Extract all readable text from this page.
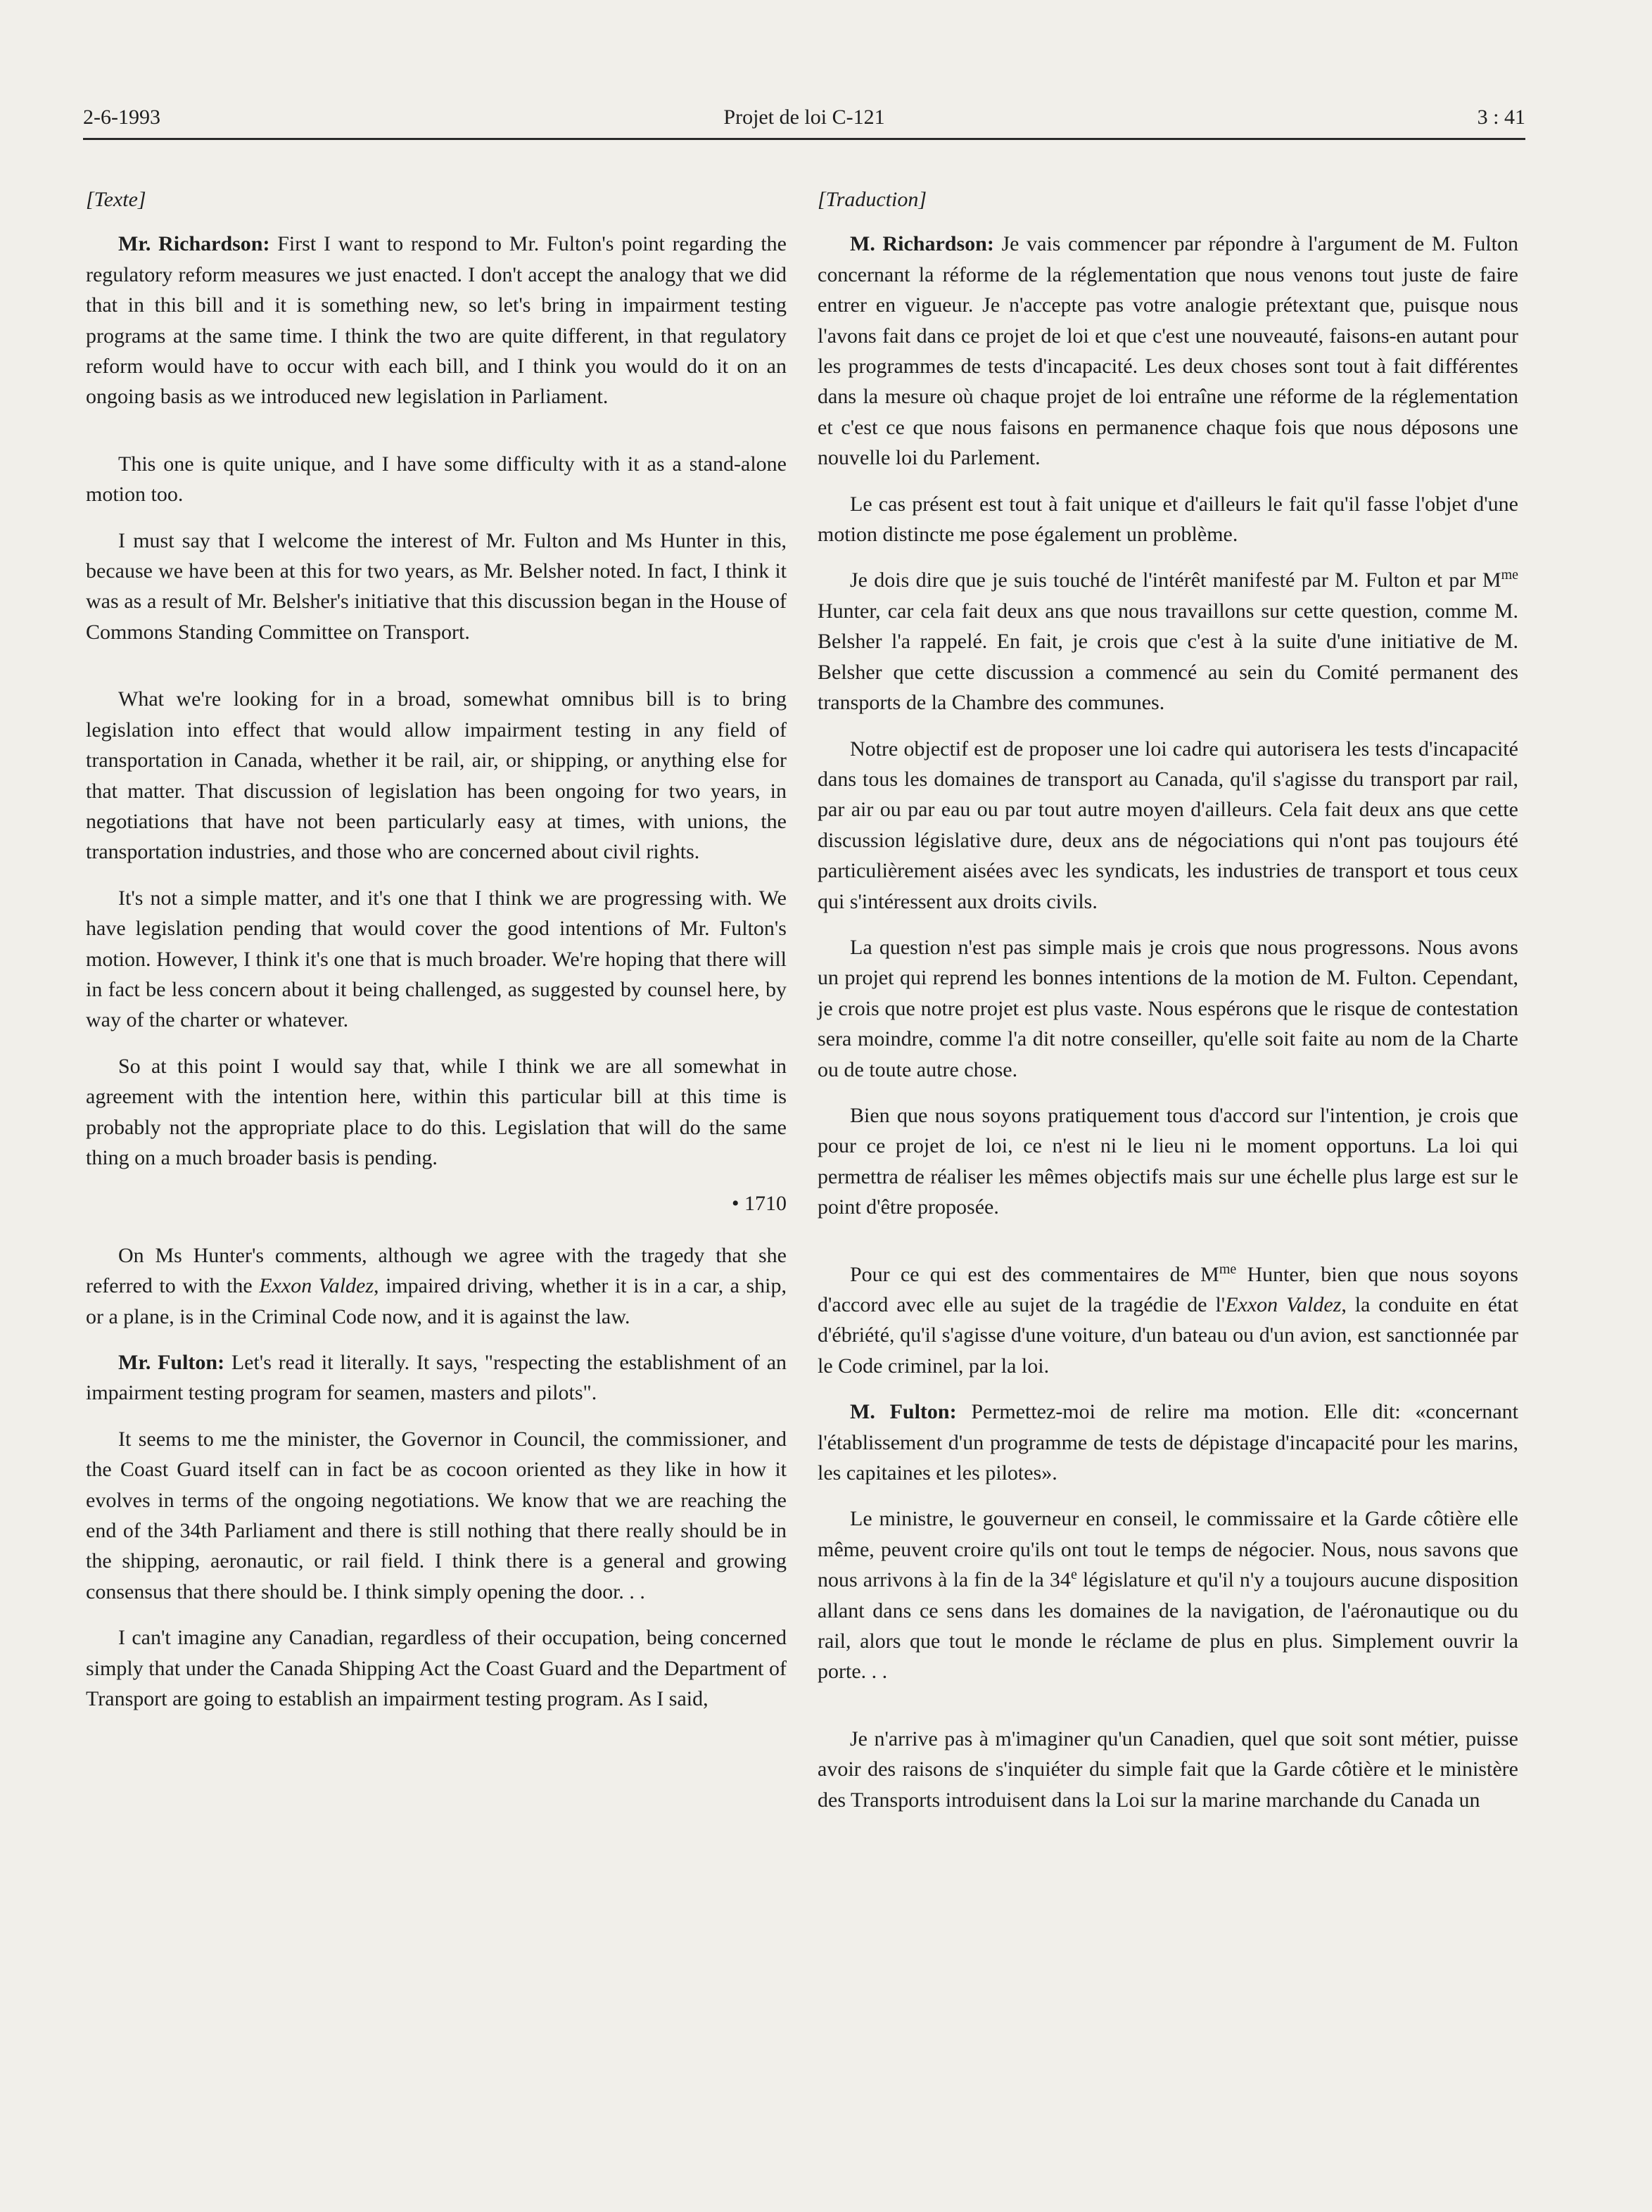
2-6-1993	Projet de loi C-121	3 : 41

[Texte]

Mr. Richardson: First I want to respond to Mr. Fulton's point regarding the regulatory reform measures we just enacted. I don't accept the analogy that we did that in this bill and it is something new, so let's bring in impairment testing programs at the same time. I think the two are quite different, in that regulatory reform would have to occur with each bill, and I think you would do it on an ongoing basis as we introduced new legislation in Parliament.

This one is quite unique, and I have some difficulty with it as a stand-alone motion too.

I must say that I welcome the interest of Mr. Fulton and Ms Hunter in this, because we have been at this for two years, as Mr. Belsher noted. In fact, I think it was as a result of Mr. Belsher's initiative that this discussion began in the House of Commons Standing Committee on Transport.

What we're looking for in a broad, somewhat omnibus bill is to bring legislation into effect that would allow impairment testing in any field of transportation in Canada, whether it be rail, air, or shipping, or anything else for that matter. That discussion of legislation has been ongoing for two years, in negotiations that have not been particularly easy at times, with unions, the transportation industries, and those who are concerned about civil rights.

It's not a simple matter, and it's one that I think we are progressing with. We have legislation pending that would cover the good intentions of Mr. Fulton's motion. However, I think it's one that is much broader. We're hoping that there will in fact be less concern about it being challenged, as suggested by counsel here, by way of the charter or whatever.

So at this point I would say that, while I think we are all somewhat in agreement with the intention here, within this particular bill at this time is probably not the appropriate place to do this. Legislation that will do the same thing on a much broader basis is pending.

• 1710

On Ms Hunter's comments, although we agree with the tragedy that she referred to with the Exxon Valdez, impaired driving, whether it is in a car, a ship, or a plane, is in the Criminal Code now, and it is against the law.

Mr. Fulton: Let's read it literally. It says, "respecting the establishment of an impairment testing program for seamen, masters and pilots".

It seems to me the minister, the Governor in Council, the commissioner, and the Coast Guard itself can in fact be as cocoon oriented as they like in how it evolves in terms of the ongoing negotiations. We know that we are reaching the end of the 34th Parliament and there is still nothing that there really should be in the shipping, aeronautic, or rail field. I think there is a general and growing consensus that there should be. I think simply opening the door. . .

I can't imagine any Canadian, regardless of their occupation, being concerned simply that under the Canada Shipping Act the Coast Guard and the Department of Transport are going to establish an impairment testing program. As I said,

[Traduction]

M. Richardson: Je vais commencer par répondre à l'argument de M. Fulton concernant la réforme de la réglementation que nous venons tout juste de faire entrer en vigueur. Je n'accepte pas votre analogie prétextant que, puisque nous l'avons fait dans ce projet de loi et que c'est une nouveauté, faisons-en autant pour les programmes de tests d'incapacité. Les deux choses sont tout à fait différentes dans la mesure où chaque projet de loi entraîne une réforme de la réglementation et c'est ce que nous faisons en permanence chaque fois que nous déposons une nouvelle loi du Parlement.

Le cas présent est tout à fait unique et d'ailleurs le fait qu'il fasse l'objet d'une motion distincte me pose également un problème.

Je dois dire que je suis touché de l'intérêt manifesté par M. Fulton et par $M^{me}$ Hunter, car cela fait deux ans que nous travaillons sur cette question, comme M. Belsher l'a rappelé. En fait, je crois que c'est à la suite d'une initiative de M. Belsher que cette discussion a commencé au sein du Comité permanent des transports de la Chambre des communes.

Notre objectif est de proposer une loi cadre qui autorisera les tests d'incapacité dans tous les domaines de transport au Canada, qu'il s'agisse du transport par rail, par air ou par eau ou par tout autre moyen d'ailleurs. Cela fait deux ans que cette discussion législative dure, deux ans de négociations qui n'ont pas toujours été particulièrement aisées avec les syndicats, les industries de transport et tous ceux qui s'intéressent aux droits civils.

La question n'est pas simple mais je crois que nous progressons. Nous avons un projet qui reprend les bonnes intentions de la motion de M. Fulton. Cependant, je crois que notre projet est plus vaste. Nous espérons que le risque de contestation sera moindre, comme l'a dit notre conseiller, qu'elle soit faite au nom de la Charte ou de toute autre chose.

Bien que nous soyons pratiquement tous d'accord sur l'intention, je crois que pour ce projet de loi, ce n'est ni le lieu ni le moment opportuns. La loi qui permettra de réaliser les mêmes objectifs mais sur une échelle plus large est sur le point d'être proposée.

Pour ce qui est des commentaires de $M^{me}$ Hunter, bien que nous soyons d'accord avec elle au sujet de la tragédie de l'Exxon Valdez, la conduite en état d'ébriété, qu'il s'agisse d'une voiture, d'un bateau ou d'un avion, est sanctionnée par le Code criminel, par la loi.

M. Fulton: Permettez-moi de relire ma motion. Elle dit: «concernant l'établissement d'un programme de tests de dépistage d'incapacité pour les marins, les capitaines et les pilotes».

Le ministre, le gouverneur en conseil, le commissaire et la Garde côtière elle même, peuvent croire qu'ils ont tout le temps de négocier. Nous, nous savons que nous arrivons à la fin de la 34e législature et qu'il n'y a toujours aucune disposition allant dans ce sens dans les domaines de la navigation, de l'aéronautique ou du rail, alors que tout le monde le réclame de plus en plus. Simplement ouvrir la porte. . .

Je n'arrive pas à m'imaginer qu'un Canadien, quel que soit sont métier, puisse avoir des raisons de s'inquiéter du simple fait que la Garde côtière et le ministère des Transports introduisent dans la Loi sur la marine marchande du Canada un
